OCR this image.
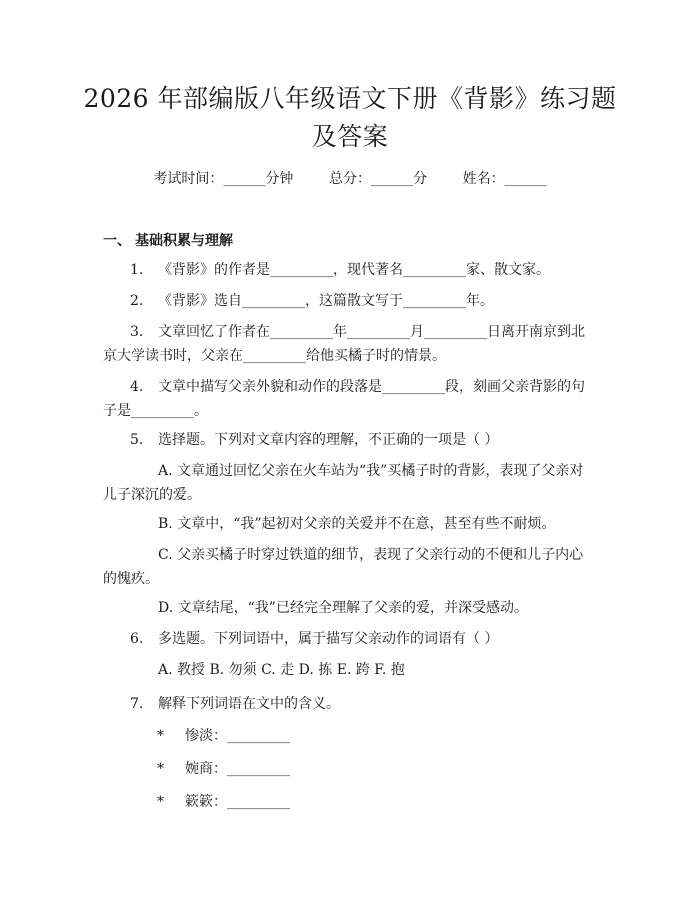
2026 年部编版八年级语文下册《背影》练习题及答案
考试时间：______分钟	总分：______分	姓名：______
一、 基础积累与理解
1. 《背影》的作者是_________，现代著名_________家、散文家。
2. 《背影》选自_________，这篇散文写于_________年。
3. 文章回忆了作者在_________年_________月_________日离开南京到北京大学读书时，父亲在_________给他买橘子时的情景。
4. 文章中描写父亲外貌和动作的段落是_________段，刻画父亲背影的句子是_________。
5. 选择题。下列对文章内容的理解，不正确的一项是（ ）
A. 文章通过回忆父亲在火车站为“我”买橘子时的背影，表现了父亲对儿子深沉的爱。
B. 文章中，“我”起初对父亲的关爱并不在意，甚至有些不耐烦。
C. 父亲买橘子时穿过铁道的细节，表现了父亲行动的不便和儿子内心的愧疚。
D. 文章结尾，“我”已经完全理解了父亲的爱，并深受感动。
6. 多选题。下列词语中，属于描写父亲动作的词语有（ ）
A. 教授 B. 勿须 C. 走 D. 拣 E. 跨 F. 抱
7. 解释下列词语在文中的含义。
* 惨淡：_________
* 婉商：_________
* 簌簌：_________
